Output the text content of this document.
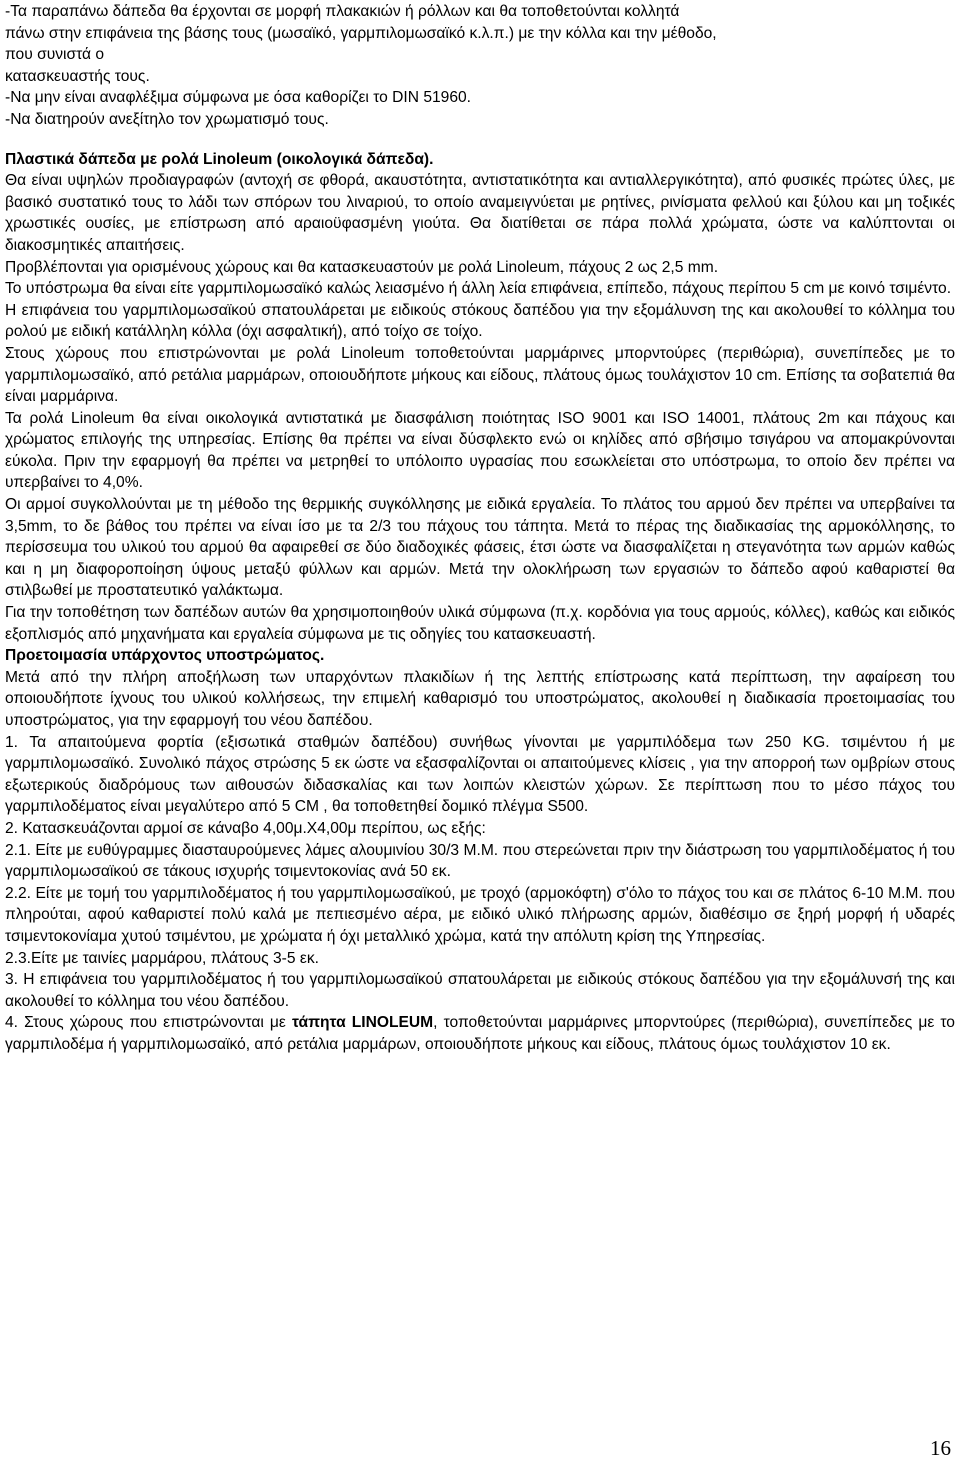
-Τα παραπάνω δάπεδα θα έρχονται σε μορφή πλακακιών ή ρόλλων και θα τοποθετούνται κολλητά
πάνω στην επιφάνεια της βάσης τους (μωσαϊκό, γαρμπιλομωσαϊκό κ.λ.π.) με την κόλλα και την μέθοδο,
που συνιστά ο
κατασκευαστής τους.
-Να μην είναι αναφλέξιμα σύμφωνα με όσα καθορίζει το DIN 51960.
-Να διατηρούν ανεξίτηλο τον χρωματισμό τους.
Πλαστικά δάπεδα με ρολά Linoleum (οικολογικά δάπεδα).

Θα είναι υψηλών προδιαγραφών (αντοχή σε φθορά, ακαυστότητα, αντιστατικότητα και αντιαλλεργικότητα), από φυσικές πρώτες ύλες, με βασικό συστατικό τους το λάδι των σπόρων του λιναριού, το οποίο αναμειγνύεται με ρητίνες, ρινίσματα φελλού και ξύλου και μη τοξικές χρωστικές ουσίες, με επίστρωση από αραιοϋφασμένη γιούτα. Θα διατίθεται σε πάρα πολλά χρώματα, ώστε να καλύπτονται οι διακοσμητικές απαιτήσεις.

Προβλέπονται για ορισμένους χώρους και θα κατασκευαστούν με ρολά Linoleum, πάχους 2 ως 2,5 mm.

Το υπόστρωμα θα είναι είτε γαρμπιλομωσαϊκό καλώς λειασμένο ή άλλη λεία επιφάνεια, επίπεδο, πάχους περίπου 5 cm με κοινό τσιμέντο.

Η επιφάνεια του γαρμπιλομωσαϊκού σπατουλάρεται με ειδικούς στόκους δαπέδου για την εξομάλυνση της και ακολουθεί το κόλλημα του ρολού με ειδική κατάλληλη κόλλα (όχι ασφαλτική), από τοίχο σε τοίχο.

Στους χώρους που επιστρώνονται με ρολά Linoleum τοποθετούνται μαρμάρινες μπορντούρες (περιθώρια), συνεπίπεδες με το γαρμπιλομωσαϊκό, από ρετάλια μαρμάρων, οποιουδήποτε μήκους και είδους, πλάτους όμως τουλάχιστον 10 cm. Επίσης τα σοβατεπιά θα είναι μαρμάρινα.

Τα ρολά Linoleum θα είναι οικολογικά αντιστατικά με διασφάλιση ποιότητας ISO 9001 και ISO 14001, πλάτους 2m και πάχους και χρώματος επιλογής της υπηρεσίας. Επίσης θα πρέπει να είναι δύσφλεκτο ενώ οι κηλίδες από σβήσιμο τσιγάρου να απομακρύνονται εύκολα. Πριν την εφαρμογή θα πρέπει να μετρηθεί το υπόλοιπο υγρασίας που εσωκλείεται στο υπόστρωμα, το οποίο δεν πρέπει να υπερβαίνει το 4,0%.

Οι αρμοί συγκολλούνται με τη μέθοδο της θερμικής συγκόλλησης με ειδικά εργαλεία. Το πλάτος του αρμού δεν πρέπει να υπερβαίνει τα 3,5mm, το δε βάθος του πρέπει να είναι ίσο με τα 2/3 του πάχους του τάπητα. Μετά το πέρας της διαδικασίας της αρμοκόλλησης, το περίσσευμα του υλικού του αρμού θα αφαιρεθεί σε δύο διαδοχικές φάσεις, έτσι ώστε να διασφαλίζεται η στεγανότητα των αρμών καθώς και η μη διαφοροποίηση ύψους μεταξύ φύλλων και αρμών. Μετά την ολοκλήρωση των εργασιών το δάπεδο αφού καθαριστεί θα στιλβωθεί με προστατευτικό γαλάκτωμα.

Για την τοποθέτηση των δαπέδων αυτών θα χρησιμοποιηθούν υλικά σύμφωνα (π.χ. κορδόνια για τους αρμούς, κόλλες), καθώς και ειδικός εξοπλισμός από μηχανήματα και εργαλεία σύμφωνα με τις οδηγίες του κατασκευαστή.

Προετοιμασία υπάρχοντος υποστρώματος.

Μετά από την πλήρη αποξήλωση των υπαρχόντων πλακιδίων ή της λεπτής επίστρωσης κατά περίπτωση, την αφαίρεση του οποιουδήποτε ίχνους του υλικού κολλήσεως, την επιμελή καθαρισμό του υποστρώματος, ακολουθεί η διαδικασία προετοιμασίας του υποστρώματος, για την εφαρμογή του νέου δαπέδου.

1. Τα απαιτούμενα φορτία (εξισωτικά σταθμών δαπέδου) συνήθως γίνονται με γαρμπιλόδεμα των 250 KG. τσιμέντου ή με γαρμπιλομωσαϊκό. Συνολικό πάχος στρώσης 5 εκ ώστε να εξασφαλίζονται οι απαιτούμενες κλίσεις , για την απορροή των ομβρίων στους εξωτερικούς διαδρόμους των αιθουσών διδασκαλίας και των λοιπών κλειστών χώρων. Σε περίπτωση που το μέσο πάχος του γαρμπιλοδέματος είναι μεγαλύτερο από 5 CM , θα τοποθετηθεί δομικό πλέγμα S500.

2. Κατασκευάζονται αρμοί σε κάναβο 4,00μ.Χ4,00μ περίπου, ως εξής:

2.1. Είτε με ευθύγραμμες διασταυρούμενες λάμες αλουμινίου 30/3 Μ.Μ. που στερεώνεται πριν την διάστρωση του γαρμπιλοδέματος ή του γαρμπιλομωσαϊκού σε τάκους ισχυρής τσιμεντοκονίας ανά 50 εκ.

2.2. Είτε με τομή του γαρμπιλοδέματος ή του γαρμπιλομωσαϊκού, με τροχό (αρμοκόφτη) σ'όλο το πάχος του και σε πλάτος 6-10 Μ.Μ. που πληρούται, αφού καθαριστεί πολύ καλά με πεπιεσμένο αέρα, με ειδικό υλικό πλήρωσης αρμών, διαθέσιμο σε ξηρή μορφή ή υδαρές τσιμεντοκονίαμα χυτού τσιμέντου, με χρώματα ή όχι μεταλλικό χρώμα, κατά την απόλυτη κρίση της Υπηρεσίας.

2.3.Είτε με ταινίες μαρμάρου, πλάτους 3-5 εκ.

3. Η επιφάνεια του γαρμπιλοδέματος ή του γαρμπιλομωσαϊκού σπατουλάρεται με ειδικούς στόκους δαπέδου για την εξομάλυνσή της και ακολουθεί το κόλλημα του νέου δαπέδου.

4. Στους χώρους που επιστρώνονται με τάπητα LINOLEUM, τοποθετούνται μαρμάρινες μπορντούρες (περιθώρια), συνεπίπεδες με το γαρμπιλοδέμα ή γαρμπιλομωσαϊκό, από ρετάλια μαρμάρων, οποιουδήποτε μήκους και είδους, πλάτους όμως τουλάχιστον 10 εκ.

16
